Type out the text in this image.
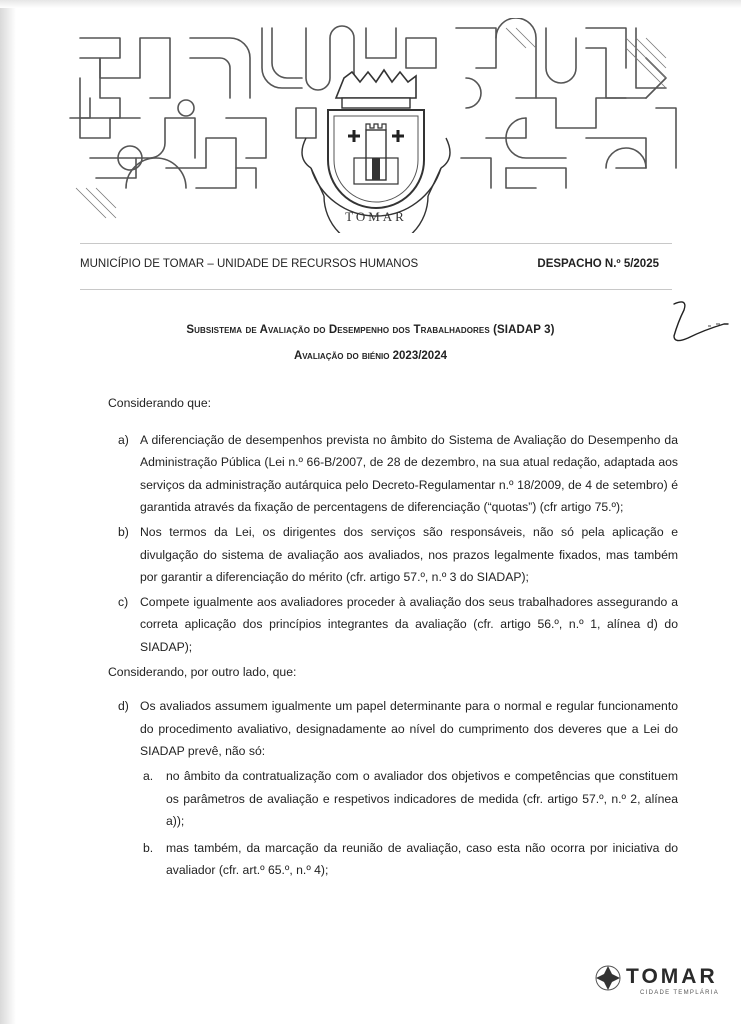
TOMAR
MUNICÍPIO DE TOMAR – UNIDADE DE RECURSOS HUMANOS	DESPACHO N.º 5/2025
Subsistema de Avaliação do Desempenho dos Trabalhadores (SIADAP 3)
Avaliação do biénio 2023/2024

Considerando que:

a) A diferenciação de desempenhos prevista no âmbito do Sistema de Avaliação do Desempenho da Administração Pública (Lei n.º 66-B/2007, de 28 de dezembro, na sua atual redação, adaptada aos serviços da administração autárquica pelo Decreto-Regulamentar n.º 18/2009, de 4 de setembro) é garantida através da fixação de percentagens de diferenciação (“quotas”) (cfr artigo 75.º);
b) Nos termos da Lei, os dirigentes dos serviços são responsáveis, não só pela aplicação e divulgação do sistema de avaliação aos avaliados, nos prazos legalmente fixados, mas também por garantir a diferenciação do mérito (cfr. artigo 57.º, n.º 3 do SIADAP);
c) Compete igualmente aos avaliadores proceder à avaliação dos seus trabalhadores assegurando a correta aplicação dos princípios integrantes da avaliação (cfr. artigo 56.º, n.º 1, alínea d) do SIADAP);

Considerando, por outro lado, que:

d) Os avaliados assumem igualmente um papel determinante para o normal e regular funcionamento do procedimento avaliativo, designadamente ao nível do cumprimento dos deveres que a Lei do SIADAP prevê, não só:
a. no âmbito da contratualização com o avaliador dos objetivos e competências que constituem os parâmetros de avaliação e respetivos indicadores de medida (cfr. artigo 57.º, n.º 2, alínea a));
b. mas também, da marcação da reunião de avaliação, caso esta não ocorra por iniciativa do avaliador (cfr. art.º 65.º, n.º 4);
TOMAR
CIDADE TEMPLÁRIA
